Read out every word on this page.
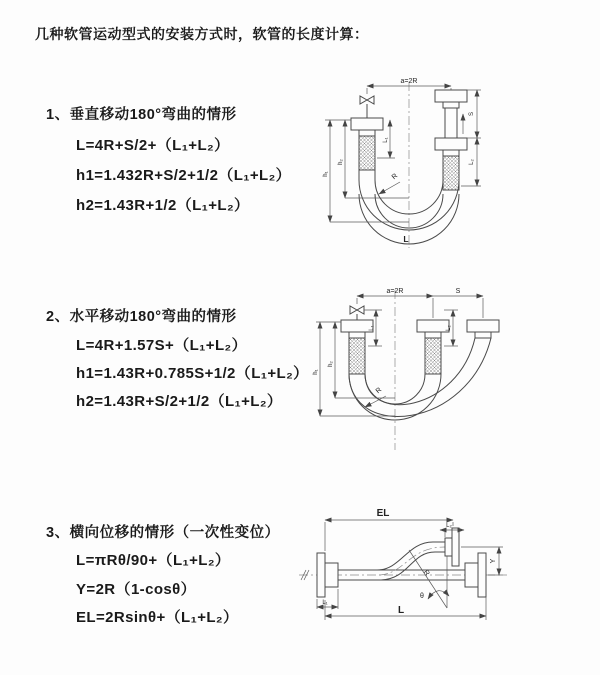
几种软管运动型式的安装方式时，软管的长度计算：
1、垂直移动180°弯曲的情形
L=4R+S/2+（L₁+L₂）
h1=1.432R+S/2+1/2（L₁+L₂）
h2=1.43R+1/2（L₁+L₂）
2、水平移动180°弯曲的情形
L=4R+1.57S+（L₁+L₂）
h1=1.43R+0.785S+1/2（L₁+L₂）
h2=1.43R+S/2+1/2（L₁+L₂）
3、横向位移的情形（一次性变位）
L=πRθ/90+（L₁+L₂）
Y=2R（1-cosθ）
EL=2Rsinθ+（L₁+L₂）
a=2R
h₁
h₂
L₁
S
L₂
R
L
a=2R	S
h₁
h₂
L₁	L₂
R
EL
L₂
Y
L
L₁
θ
R
